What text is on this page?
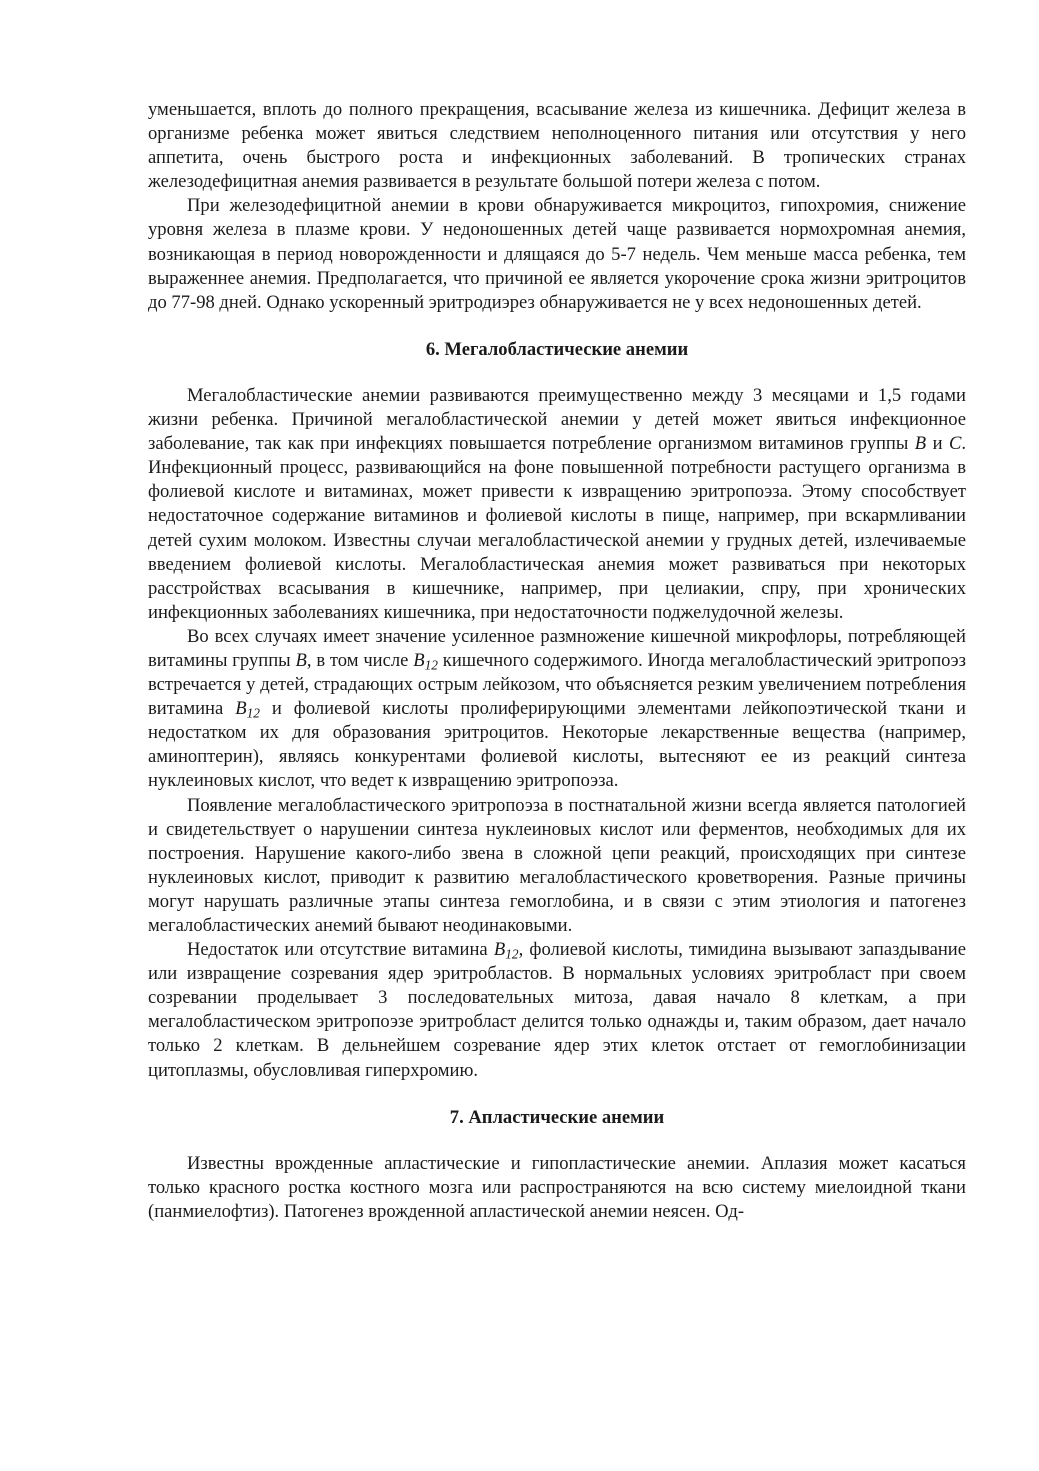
уменьшается, вплоть до полного прекращения, всасывание железа из кишечника. Дефицит железа в организме ребенка может явиться следствием неполноценного питания или отсутствия у него аппетита, очень быстрого роста и инфекционных заболеваний. В тропических странах железодефицитная анемия развивается в результате большой потери железа с потом.

При железодефицитной анемии в крови обнаруживается микроцитоз, гипохромия, снижение уровня железа в плазме крови. У недоношенных детей чаще развивается нормохромная анемия, возникающая в период новорожденности и длящаяся до 5-7 недель. Чем меньше масса ребенка, тем выраженнее анемия. Предполагается, что причиной ее является укорочение срока жизни эритроцитов до 77-98 дней. Однако ускоренный эритродиэрез обнаруживается не у всех недоношенных детей.

6. Мегалобластические анемии

Мегалобластические анемии развиваются преимущественно между 3 месяцами и 1,5 годами жизни ребенка. Причиной мегалобластической анемии у детей может явиться инфекционное заболевание, так как при инфекциях повышается потребление организмом витаминов группы B и C. Инфекционный процесс, развивающийся на фоне повышенной потребности растущего организма в фолиевой кислоте и витаминах, может привести к извращению эритропоэза. Этому способствует недостаточное содержание витаминов и фолиевой кислоты в пище, например, при вскармливании детей сухим молоком. Известны случаи мегалобластической анемии у грудных детей, излечиваемые введением фолиевой кислоты. Мегалобластическая анемия может развиваться при некоторых расстройствах всасывания в кишечнике, например, при целиакии, спру, при хронических инфекционных заболеваниях кишечника, при недостаточности поджелудочной железы.

Во всех случаях имеет значение усиленное размножение кишечной микрофлоры, потребляющей витамины группы B, в том числе $B_{12}$ кишечного содержимого. Иногда мегалобластический эритропоэз встречается у детей, страдающих острым лейкозом, что объясняется резким увеличением потребления витамина $B_{12}$ и фолиевой кислоты пролиферирующими элементами лейкопоэтической ткани и недостатком их для образования эритроцитов. Некоторые лекарственные вещества (например, аминоптерин), являясь конкурентами фолиевой кислоты, вытесняют ее из реакций синтеза нуклеиновых кислот, что ведет к извращению эритропоэза.

Появление мегалобластического эритропоэза в постнатальной жизни всегда является патологией и свидетельствует о нарушении синтеза нуклеиновых кислот или ферментов, необходимых для их построения. Нарушение какого-либо звена в сложной цепи реакций, происходящих при синтезе нуклеиновых кислот, приводит к развитию мегалобластического кроветворения. Разные причины могут нарушать различные этапы синтеза гемоглобина, и в связи с этим этиология и патогенез мегалобластических анемий бывают неодинаковыми.

Недостаток или отсутствие витамина $B_{12}$, фолиевой кислоты, тимидина вызывают запаздывание или извращение созревания ядер эритробластов. В нормальных условиях эритробласт при своем созревании проделывает 3 последовательных митоза, давая начало 8 клеткам, а при мегалобластическом эритропоэзе эритробласт делится только однажды и, таким образом, дает начало только 2 клеткам. В дельнейшем созревание ядер этих клеток отстает от гемоглобинизации цитоплазмы, обусловливая гиперхромию.

7. Апластические анемии

Известны врожденные апластические и гипопластические анемии. Аплазия может касаться только красного ростка костного мозга или распространяются на всю систему миелоидной ткани (панмиелофтиз). Патогенез врожденной апластической анемии неясен. Од-
